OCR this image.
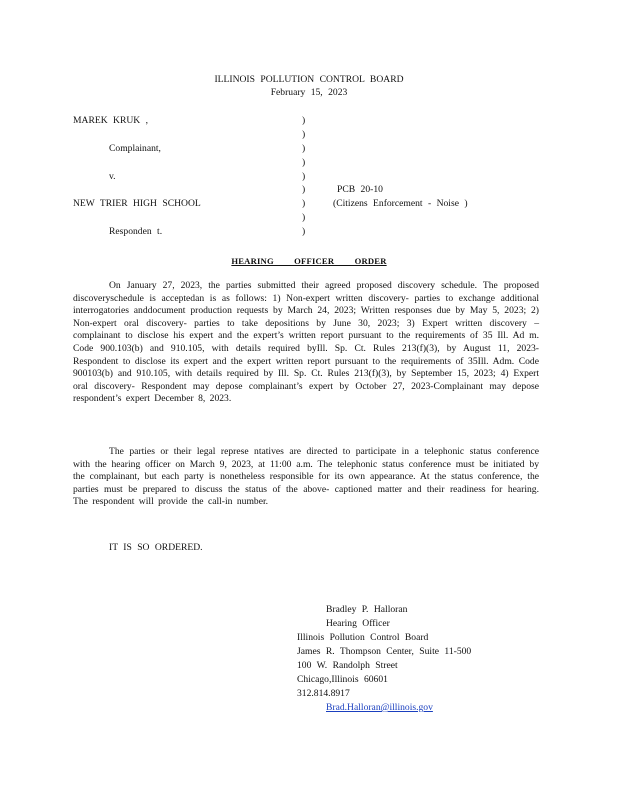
ILLINOIS POLLUTION CONTROL BOARD
February 15, 2023
MAREK KRUK ,
Complainant,
v.
NEW TRIER HIGH SCHOOL
Responden t.
)
)
)
)
)
)
)
)
)
PCB 20-10
(Citizens Enforcement - Noise )
HEARING OFFICER ORDER
On January 27, 2023, the parties submitted their agreed proposed discovery schedule. The proposed discoveryschedule is acceptedan is as follows: 1) Non-expert written discovery- parties to exchange additional interrogatories anddocument production requests by March 24, 2023; Written responses due by May 5, 2023; 2) Non-expert oral discovery- parties to take depositions by June 30, 2023; 3) Expert written discovery – complainant to disclose his expert and the expert’s written report pursuant to the requirements of 35 Ill. Ad m. Code 900.103(b) and 910.105, with details required byIll. Sp. Ct. Rules 213(f)(3), by August 11, 2023- Respondent to disclose its expert and the expert written report pursuant to the requirements of 35Ill. Adm. Code 900103(b) and 910.105, with details required by Ill. Sp. Ct. Rules 213(f)(3), by September 15, 2023; 4) Expert oral discovery- Respondent may depose complainant’s expert by October 27, 2023-Complainant may depose respondent’s expert December 8, 2023.
The parties or their legal represe ntatives are directed to participate in a telephonic status conference with the hearing officer on March 9, 2023, at 11:00 a.m. The telephonic status conference must be initiated by the complainant, but each party is nonetheless responsible for its own appearance. At the status conference, the parties must be prepared to discuss the status of the above- captioned matter and their readiness for hearing. The respondent will provide the call-in number.
IT IS SO ORDERED.
Bradley P. Halloran
Hearing Officer
Illinois Pollution Control Board
James R. Thompson Center, Suite 11-500
100 W. Randolph Street
Chicago,Illinois 60601
312.814.8917
Brad.Halloran@illinois.gov
